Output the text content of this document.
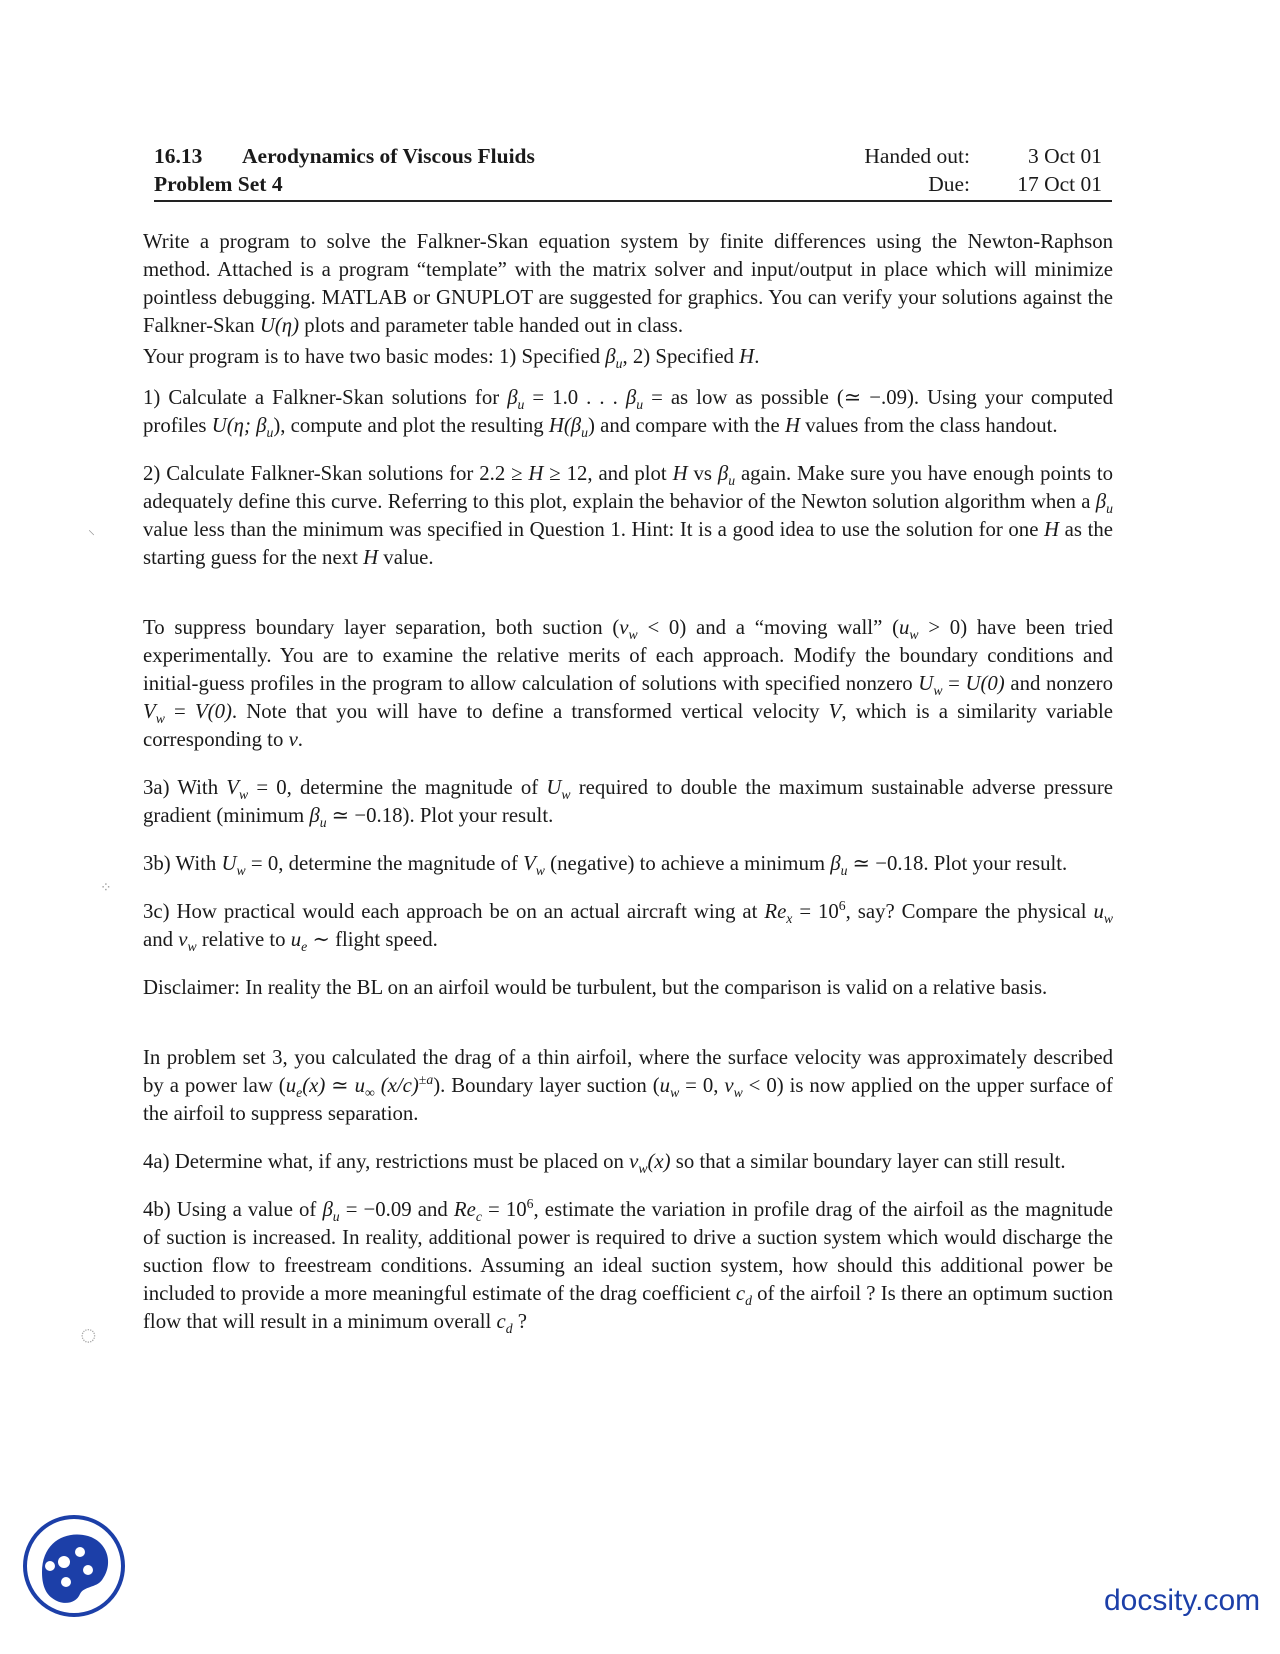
16.13 Aerodynamics of Viscous Fluids	Handed out:	3 Oct 01
Problem Set 4	Due:	17 Oct 01

Write a program to solve the Falkner-Skan equation system by finite differences using the Newton-Raphson method. Attached is a program “template” with the matrix solver and input/output in place which will minimize pointless debugging. MATLAB or GNUPLOT are suggested for graphics. You can verify your solutions against the Falkner-Skan U(η) plots and parameter table handed out in class.

Your program is to have two basic modes: 1) Specified $\beta_u$, 2) Specified H.

1) Calculate a Falkner-Skan solutions for $\beta_u = 1.0$ . . . $\beta_u$ = as low as possible (≃ −.09). Using your computed profiles U(η; $\beta_u$), compute and plot the resulting $H(\beta_u)$ and compare with the H values from the class handout.

2) Calculate Falkner-Skan solutions for 2.2 ≥ H ≥ 12, and plot H vs $\beta_u$ again. Make sure you have enough points to adequately define this curve. Referring to this plot, explain the behavior of the Newton solution algorithm when a $\beta_u$ value less than the minimum was specified in Question 1. Hint: It is a good idea to use the solution for one H as the starting guess for the next H value.

To suppress boundary layer separation, both suction $(v_w < 0)$ and a “moving wall” $(u_w > 0)$ have been tried experimentally. You are to examine the relative merits of each approach. Modify the boundary conditions and initial-guess profiles in the program to allow calculation of solutions with specified nonzero $U_w = U(0)$ and nonzero $V_w = V(0)$. Note that you will have to define a transformed vertical velocity V, which is a similarity variable corresponding to v.

3a) With $V_w = 0$, determine the magnitude of $U_w$ required to double the maximum sustainable adverse pressure gradient (minimum $\beta_u$ ≃ −0.18). Plot your result.

3b) With $U_w = 0$, determine the magnitude of $V_w$ (negative) to achieve a minimum $\beta_u$ ≃ −0.18. Plot your result.

3c) How practical would each approach be on an actual aircraft wing at $Re_x = 10^6$, say? Compare the physical $u_w$ and $v_w$ relative to $u_e$ ∼ flight speed.

Disclaimer: In reality the BL on an airfoil would be turbulent, but the comparison is valid on a relative basis.

In problem set 3, you calculated the drag of a thin airfoil, where the surface velocity was approximately described by a power law ($u_e(x)$ ≃ $u_\infty$ $(x/c)^{\pm a}$). Boundary layer suction ($u_w = 0$, $v_w < 0$) is now applied on the upper surface of the airfoil to suppress separation.

4a) Determine what, if any, restrictions must be placed on $v_w(x)$ so that a similar boundary layer can still result.

4b) Using a value of $\beta_u = -0.09$ and $Re_c = 10^6$, estimate the variation in profile drag of the airfoil as the magnitude of suction is increased. In reality, additional power is required to drive a suction system which would discharge the suction flow to freestream conditions. Assuming an ideal suction system, how should this additional power be included to provide a more meaningful estimate of the drag coefficient $c_d$ of the airfoil ? Is there an optimum suction flow that will result in a minimum overall $c_d$ ?

⸌
⁘
◌
docsity.com
